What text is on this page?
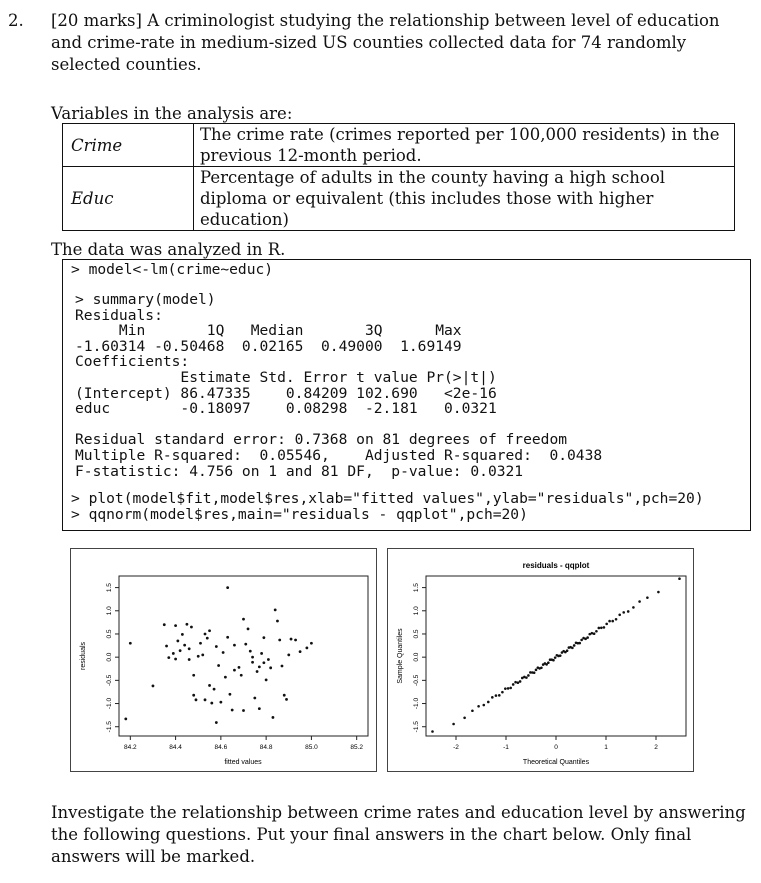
2. [20 marks] A criminologist studying the relationship between level of education and crime-rate in medium-sized US counties collected data for 74 randomly selected counties.
Variables in the analysis are:
Crime	The crime rate (crimes reported per 100,000 residents) in the previous 12-month period.
Educ	Percentage of adults in the county having a high school diploma or equivalent (this includes those with higher education)
The data was analyzed in R.
> model<-lm(crime~educ)
> summary(model)
Residuals:
Min       1Q   Median       3Q      Max
-1.60314 -0.50468  0.02165  0.49000  1.69149
Coefficients:
Estimate Std. Error t value Pr(>|t|)
(Intercept) 86.47335    0.84209 102.690   <2e-16
educ        -0.18097    0.08298  -2.181   0.0321

Residual standard error: 0.7368 on 81 degrees of freedom
Multiple R-squared:  0.05546,    Adjusted R-squared:  0.0438
F-statistic: 4.756 on 1 and 81 DF,  p-value: 0.0321
> plot(model$fit,model$res,xlab="fitted values",ylab="residuals",pch=20)
> qqnorm(model$res,main="residuals - qqplot",pch=20)
84.2	84.4	84.6	84.8	85.0	85.2
-1.5
-1.0
-0.5
0.0
0.5
1.0
1.5
fitted values
residuals
-2	-1	0	1	2
-1.5
-1.0
-0.5
0.0
0.5
1.0
1.5
residuals - qqplot
Theoretical Quantiles
Sample Quantiles
Investigate the relationship between crime rates and education level by answering the following questions. Put your final answers in the chart below. Only final answers will be marked.
